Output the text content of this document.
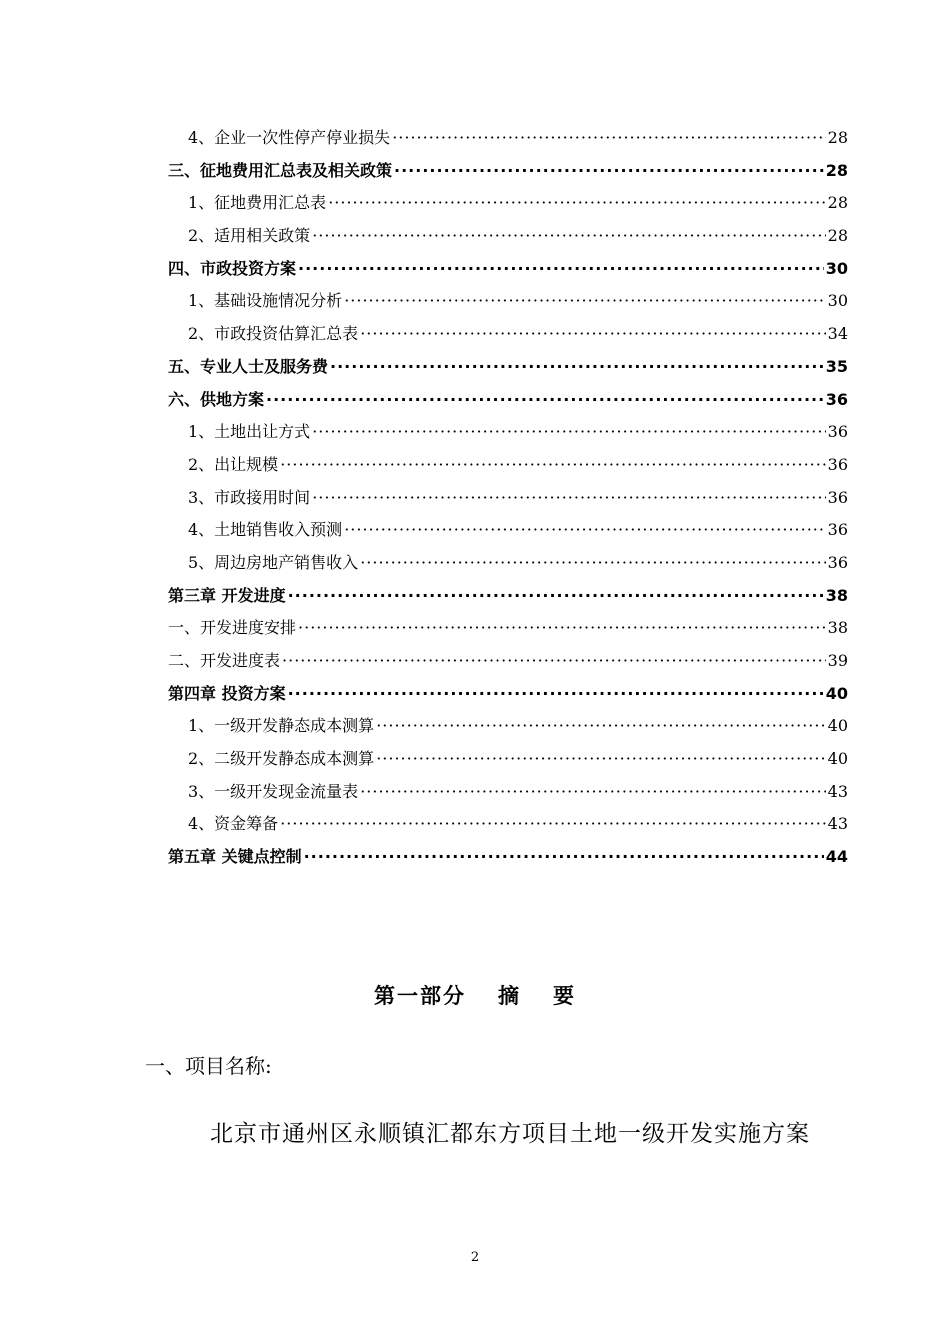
4、企业一次性停产停业损失 ·····	28
三、征地费用汇总表及相关政策 ·····	28
1、征地费用汇总表 ·····	28
2、适用相关政策 ·····	28
四、市政投资方案 ·····	30
1、基础设施情况分析 ·····	30
2、市政投资估算汇总表 ·····	34
五、专业人士及服务费 ·····	35
六、供地方案 ·····	36
1、土地出让方式 ·····	36
2、出让规模 ·····	36
3、市政接用时间 ·····	36
4、土地销售收入预测 ·····	36
5、周边房地产销售收入 ·····	36
第三章 开发进度 ·····	38
一、开发进度安排 ·····	38
二、开发进度表 ·····	39
第四章 投资方案 ·····	40
1、一级开发静态成本测算 ·····	40
2、二级开发静态成本测算 ·····	40
3、一级开发现金流量表 ·····	43
4、资金筹备 ·····	43
第五章 关键点控制 ·····	44
第一部分 摘 要
一、项目名称:
北京市通州区永顺镇汇都东方项目土地一级开发实施方案
2
